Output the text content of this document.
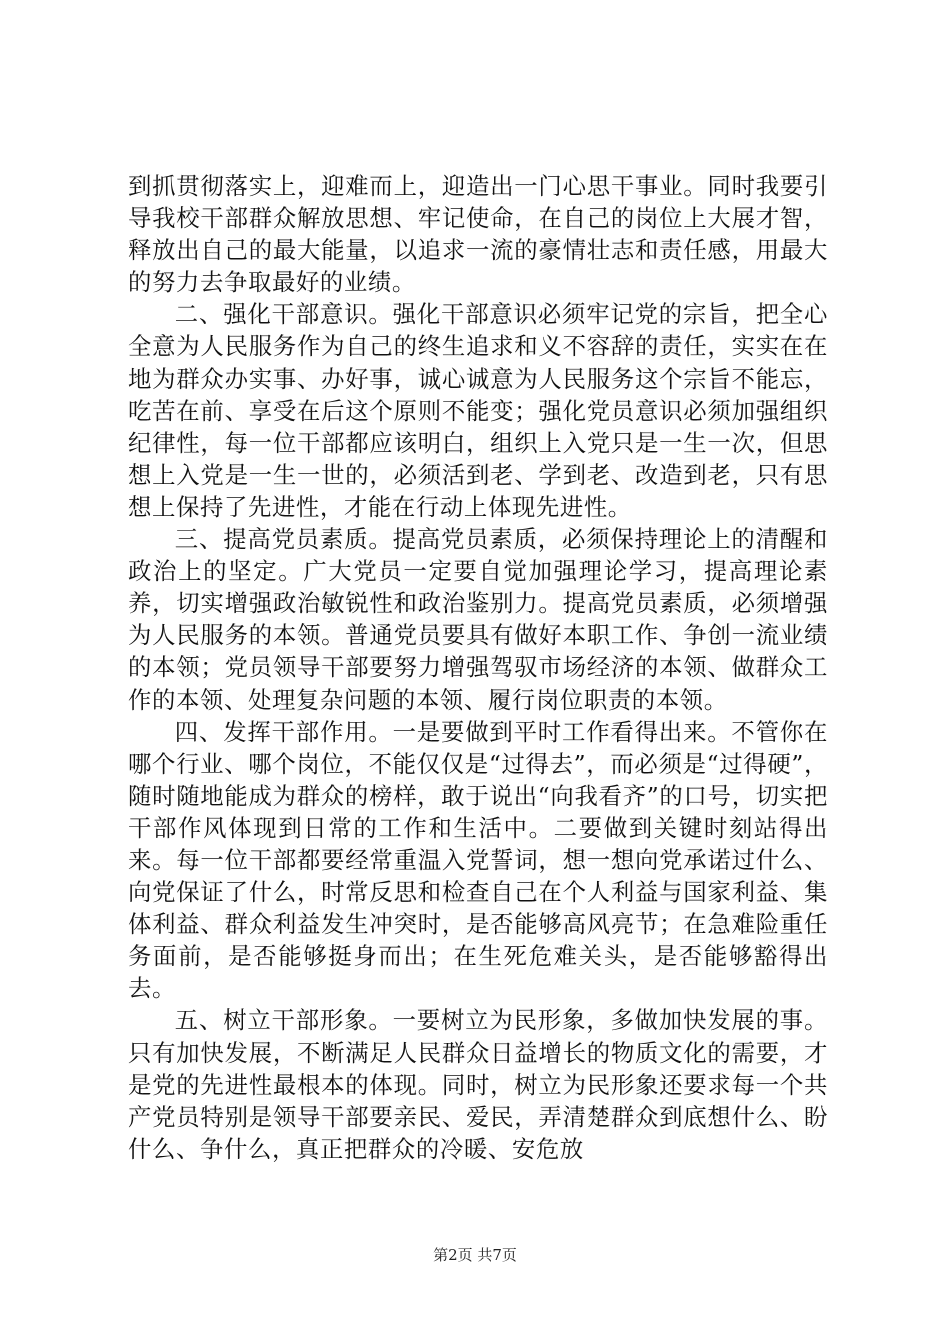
到抓贯彻落实上，迎难而上，迎造出一门心思干事业。同时我要引导我校干部群众解放思想、牢记使命，在自己的岗位上大展才智，释放出自己的最大能量，以追求一流的豪情壮志和责任感，用最大的努力去争取最好的业绩。

二、强化干部意识。强化干部意识必须牢记党的宗旨，把全心全意为人民服务作为自己的终生追求和义不容辞的责任，实实在在地为群众办实事、办好事，诚心诚意为人民服务这个宗旨不能忘，吃苦在前、享受在后这个原则不能变；强化党员意识必须加强组织纪律性，每一位干部都应该明白，组织上入党只是一生一次，但思想上入党是一生一世的，必须活到老、学到老、改造到老，只有思想上保持了先进性，才能在行动上体现先进性。

三、提高党员素质。提高党员素质，必须保持理论上的清醒和政治上的坚定。广大党员一定要自觉加强理论学习，提高理论素养，切实增强政治敏锐性和政治鉴别力。提高党员素质，必须增强为人民服务的本领。普通党员要具有做好本职工作、争创一流业绩的本领；党员领导干部要努力增强驾驭市场经济的本领、做群众工作的本领、处理复杂问题的本领、履行岗位职责的本领。

四、发挥干部作用。一是要做到平时工作看得出来。不管你在哪个行业、哪个岗位，不能仅仅是“过得去”，而必须是“过得硬”，随时随地能成为群众的榜样，敢于说出“向我看齐”的口号，切实把干部作风体现到日常的工作和生活中。二要做到关键时刻站得出来。每一位干部都要经常重温入党誓词，想一想向党承诺过什么、向党保证了什么，时常反思和检查自己在个人利益与国家利益、集体利益、群众利益发生冲突时，是否能够高风亮节；在急难险重任务面前，是否能够挺身而出；在生死危难关头，是否能够豁得出去。

五、树立干部形象。一要树立为民形象，多做加快发展的事。只有加快发展，不断满足人民群众日益增长的物质文化的需要，才是党的先进性最根本的体现。同时，树立为民形象还要求每一个共产党员特别是领导干部要亲民、爱民，弄清楚群众到底想什么、盼什么、争什么，真正把群众的冷暖、安危放

第2页 共7页
